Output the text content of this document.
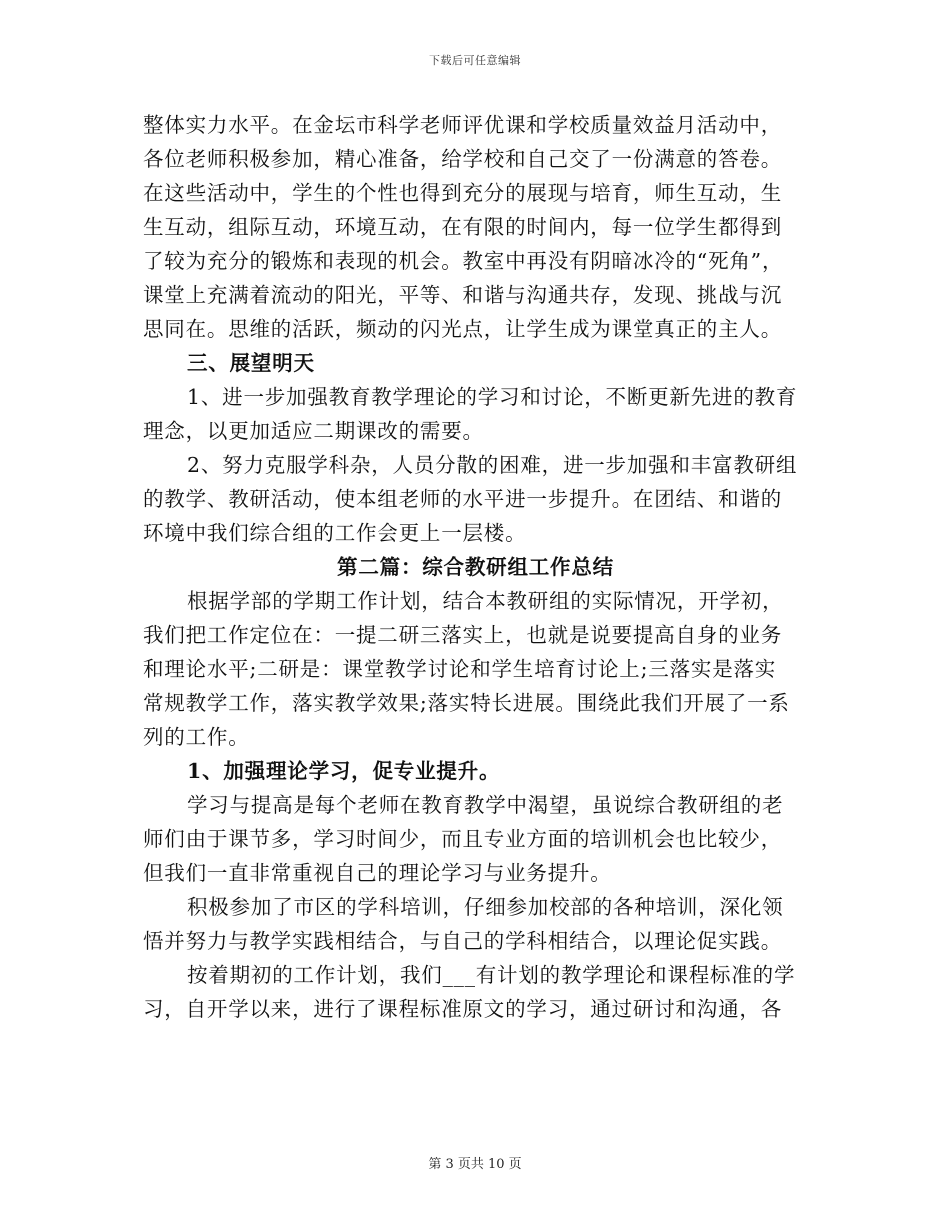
下载后可任意编辑
整体实力水平。在金坛市科学老师评优课和学校质量效益月活动中，
各位老师积极参加，精心准备，给学校和自己交了一份满意的答卷。
在这些活动中，学生的个性也得到充分的展现与培育，师生互动，生
生互动，组际互动，环境互动，在有限的时间内，每一位学生都得到
了较为充分的锻炼和表现的机会。教室中再没有阴暗冰冷的“死角”，
课堂上充满着流动的阳光，平等、和谐与沟通共存，发现、挑战与沉
思同在。思维的活跃，频动的闪光点，让学生成为课堂真正的主人。
三、展望明天
1、进一步加强教育教学理论的学习和讨论，不断更新先进的教育
理念，以更加适应二期课改的需要。
2、努力克服学科杂，人员分散的困难，进一步加强和丰富教研组
的教学、教研活动，使本组老师的水平进一步提升。在团结、和谐的
环境中我们综合组的工作会更上一层楼。
第二篇：综合教研组工作总结
根据学部的学期工作计划，结合本教研组的实际情况，开学初，
我们把工作定位在：一提二研三落实上，也就是说要提高自身的业务
和理论水平;二研是：课堂教学讨论和学生培育讨论上;三落实是落实
常规教学工作，落实教学效果;落实特长进展。围绕此我们开展了一系
列的工作。
1、加强理论学习，促专业提升。
学习与提高是每个老师在教育教学中渴望，虽说综合教研组的老
师们由于课节多，学习时间少，而且专业方面的培训机会也比较少，
但我们一直非常重视自己的理论学习与业务提升。
积极参加了市区的学科培训，仔细参加校部的各种培训，深化领
悟并努力与教学实践相结合，与自己的学科相结合，以理论促实践。
按着期初的工作计划，我们___有计划的教学理论和课程标准的学
习，自开学以来，进行了课程标准原文的学习，通过研讨和沟通，各
第 3 页共 10 页
